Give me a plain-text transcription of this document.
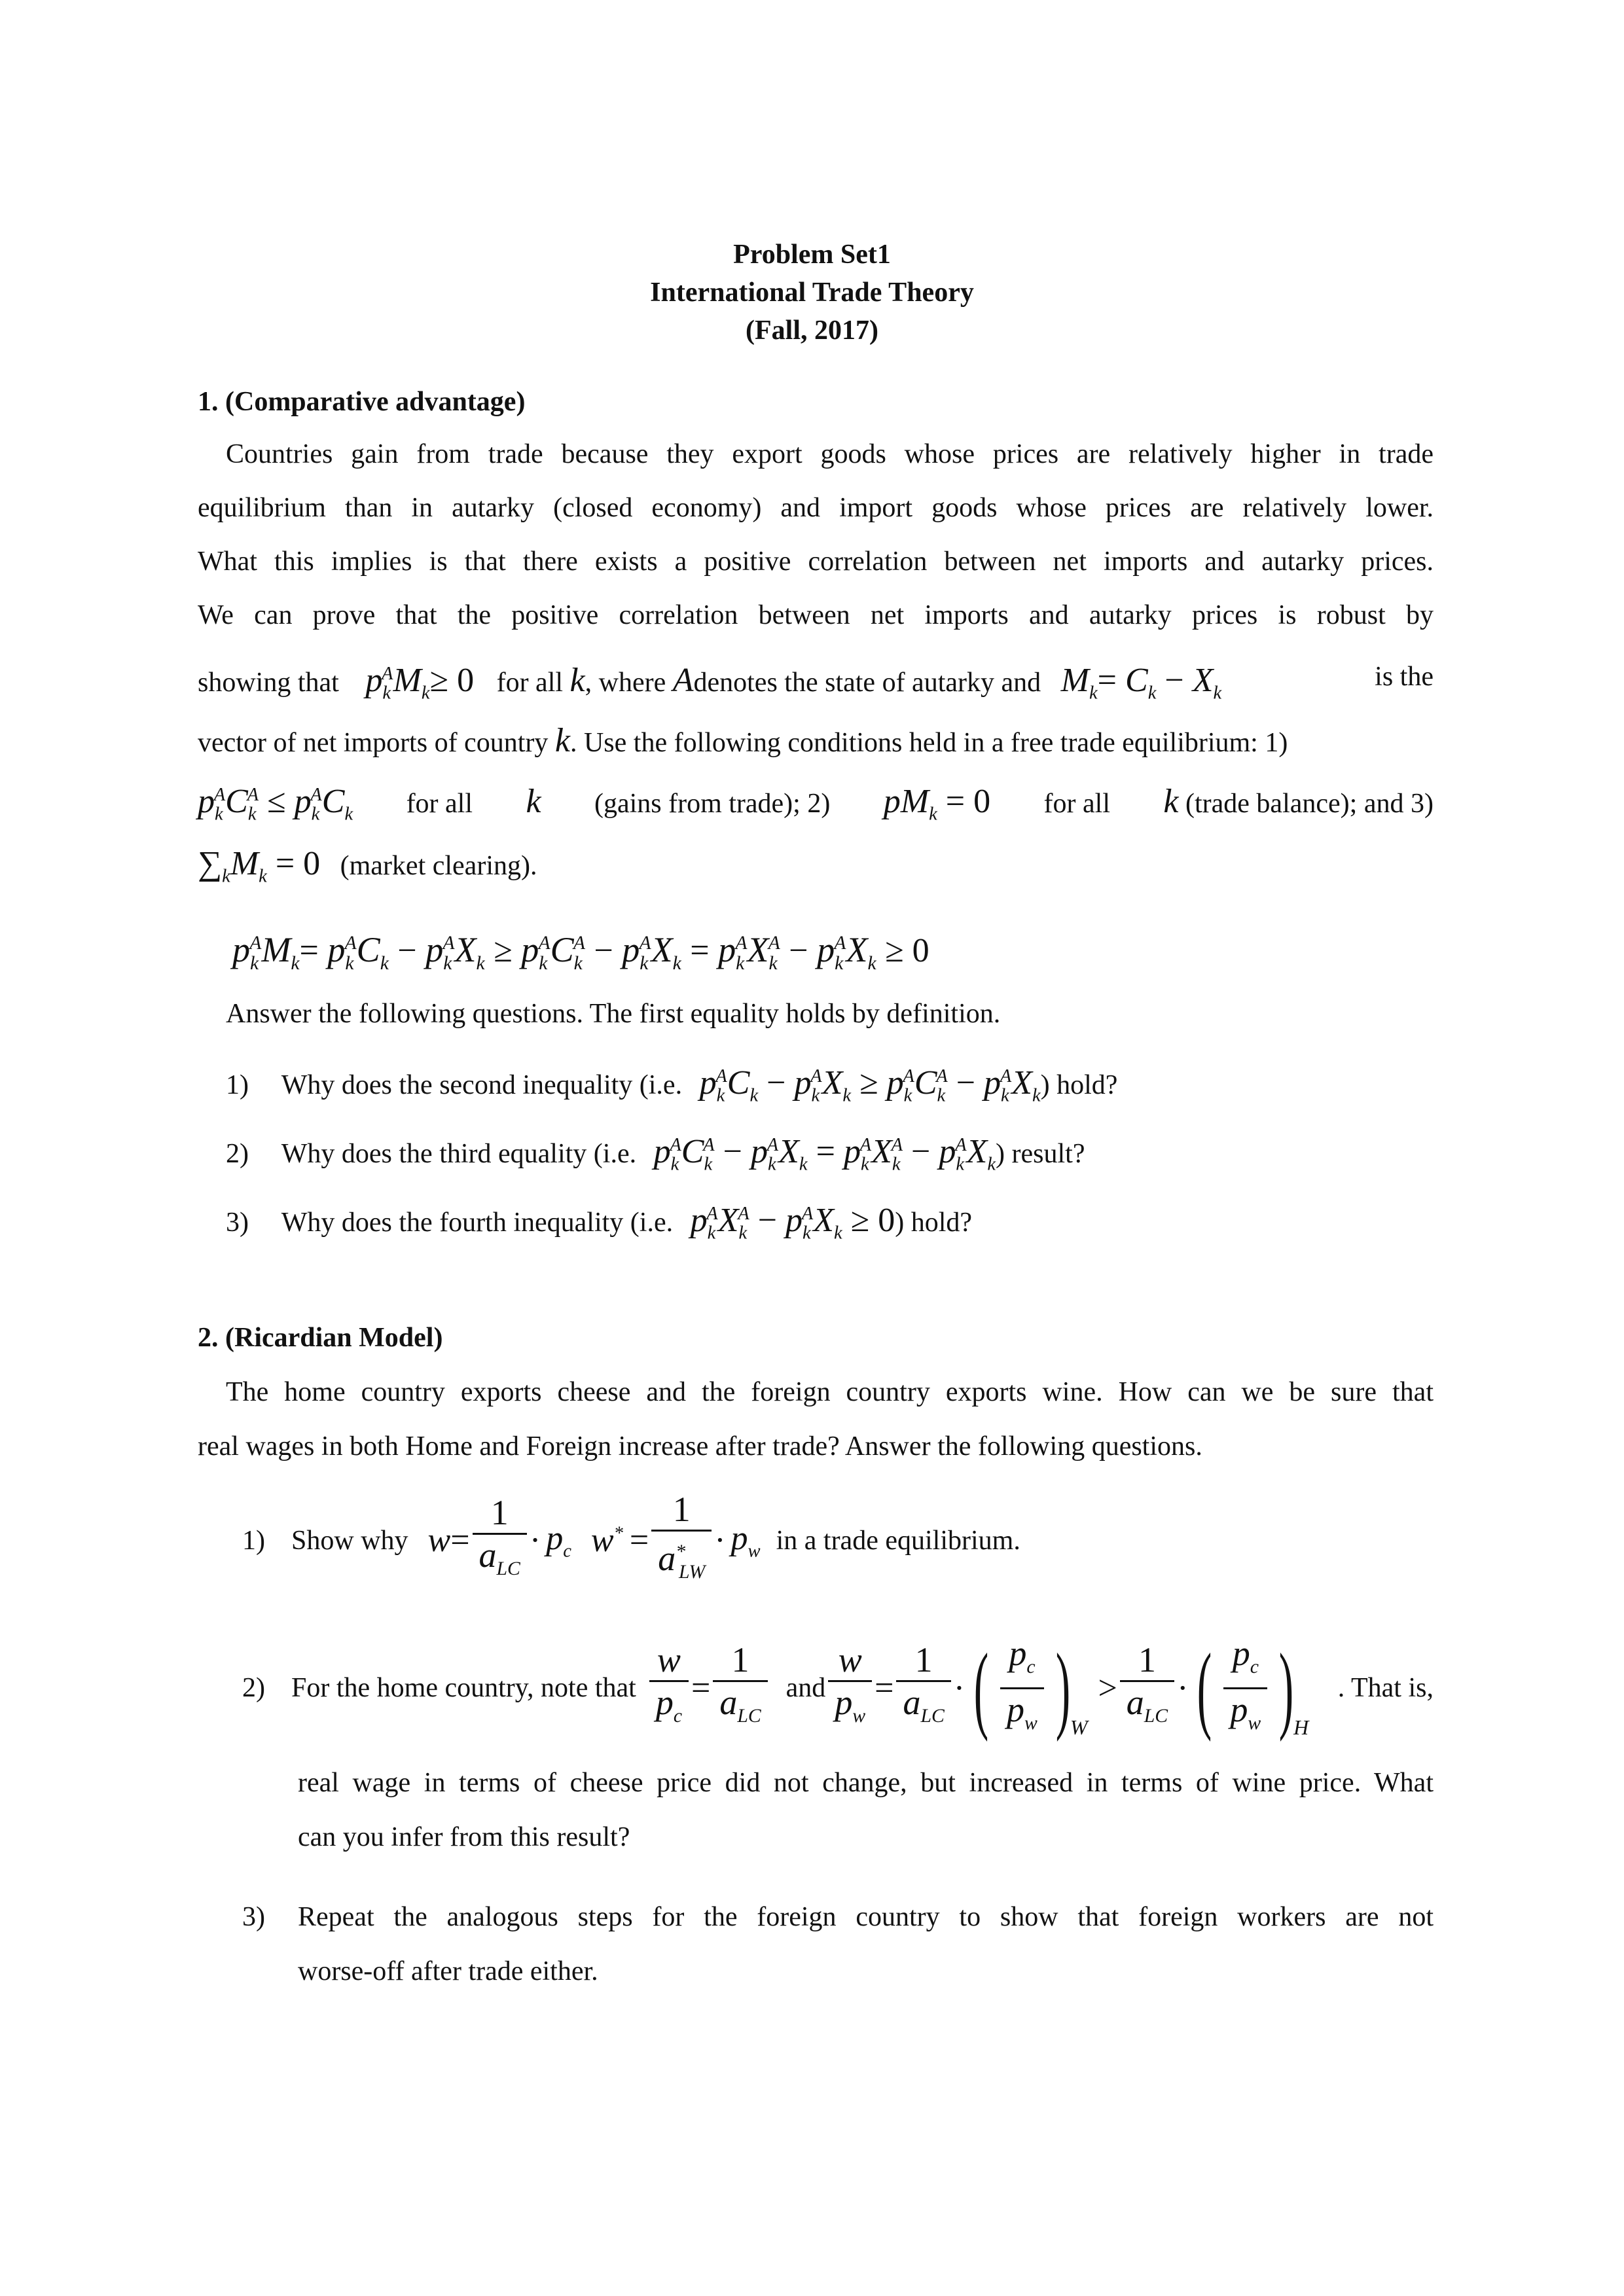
Problem Set1
International Trade Theory
(Fall, 2017)
1. (Comparative advantage)
Countries gain from trade because they export goods whose prices are relatively higher in trade
equilibrium than in autarky (closed economy) and import goods whose prices are relatively lower.
What this implies is that there exists a positive correlation between net imports and autarky prices.
We can prove that the positive correlation between net imports and autarky prices is robust by
showing that $p_k^AM_k\ge 0$ for all k, where Adenotes the state of autarky and $M_k= C_k - X_k$
is the
vector of net imports of country k. Use the following conditions held in a free trade equilibrium: 1)
$p_k^AC_k^A \le p_k^AC_k$ for all k (gains from trade); 2) $pM_k = 0$ for all k (trade balance); and 3)
$\sum_kM_k = 0$ (market clearing).
$p_k^AM_k= p_k^AC_k - p_k^AX_k \ge p_k^AC_k^A - p_k^AX_k = p_k^AX_k^A - p_k^AX_k \ge 0$
Answer the following questions. The first equality holds by definition.
1) Why does the second inequality (i.e. $p_k^AC_k - p_k^AX_k \ge p_k^AC_k^A - p_k^AX_k$) hold?
2) Why does the third equality (i.e. $p_k^AC_k^A - p_k^AX_k = p_k^AX_k^A - p_k^AX_k$) result?
3) Why does the fourth inequality (i.e. $p_k^AX_k^A - p_k^AX_k \ge 0$) hold?
2. (Ricardian Model)
The home country exports cheese and the foreign country exports wine. How can we be sure that
real wages in both Home and Foreign increase after trade? Answer the following questions.
1) Show why $w = \frac{1}{a_{LC}} \cdot p_c$ $w^* = \frac{1}{a^*_{LW}} \cdot p_w$ in a trade equilibrium.
2) For the home country, note that $\frac{w}{p_c} = \frac{1}{a_{LC}}$ and $\frac{w}{p_w} = \frac{1}{a_{LC}}$ · ( $\frac{p_c}{p_w}$ ) W
> $\frac{1}{a_{LC}}$ · ( $\frac{p_c}{p_w}$ ) H
. That is,
real wage in terms of cheese price did not change, but increased in terms of wine price. What
can you infer from this result?
3)	Repeat the analogous steps for the foreign country to show that foreign workers are not
worse-off after trade either.
